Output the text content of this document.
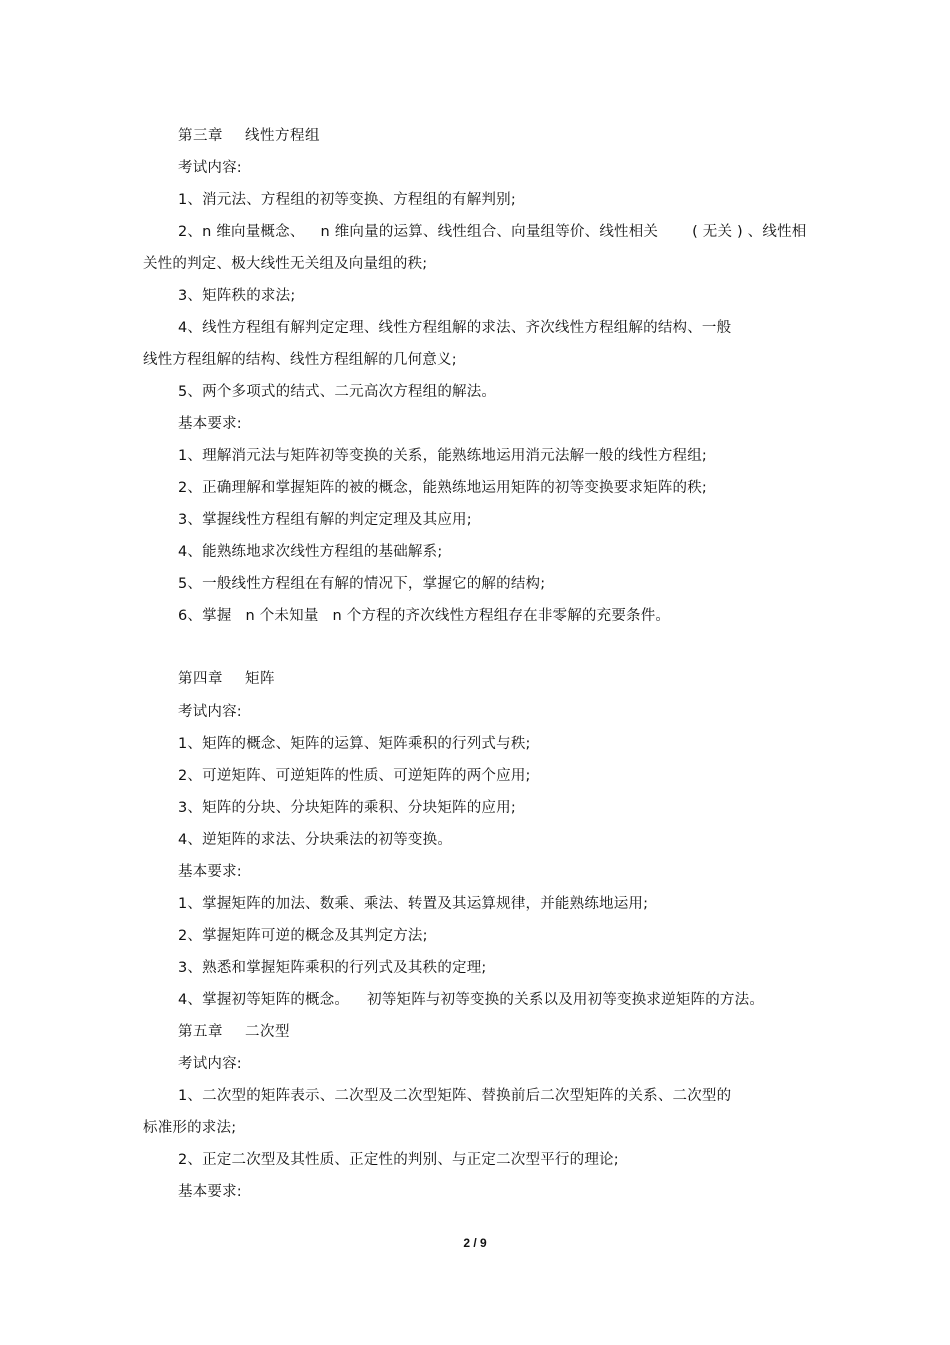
第三章 线性方程组
考试内容:
1、消元法、方程组的初等变换、方程组的有解判别;
2、n 维向量概念、 n 维向量的运算、线性组合、向量组等价、线性相关 ( 无关 ) 、线性相
关性的判定、极大线性无关组及向量组的秩;
3、矩阵秩的求法;
4、线性方程组有解判定定理、线性方程组解的求法、齐次线性方程组解的结构、一般
线性方程组解的结构、线性方程组解的几何意义;
5、两个多项式的结式、二元高次方程组的解法。
基本要求:
1、理解消元法与矩阵初等变换的关系，能熟练地运用消元法解一般的线性方程组;
2、正确理解和掌握矩阵的被的概念，能熟练地运用矩阵的初等变换要求矩阵的秩;
3、掌握线性方程组有解的判定定理及其应用;
4、能熟练地求次线性方程组的基础解系;
5、一般线性方程组在有解的情况下，掌握它的解的结构;
6、掌握 n 个未知量 n 个方程的齐次线性方程组存在非零解的充要条件。
第四章 矩阵
考试内容:
1、矩阵的概念、矩阵的运算、矩阵乘积的行列式与秩;
2、可逆矩阵、可逆矩阵的性质、可逆矩阵的两个应用;
3、矩阵的分块、分块矩阵的乘积、分块矩阵的应用;
4、逆矩阵的求法、分块乘法的初等变换。
基本要求:
1、掌握矩阵的加法、数乘、乘法、转置及其运算规律，并能熟练地运用;
2、掌握矩阵可逆的概念及其判定方法;
3、熟悉和掌握矩阵乘积的行列式及其秩的定理;
4、掌握初等矩阵的概念。 初等矩阵与初等变换的关系以及用初等变换求逆矩阵的方法。
第五章 二次型
考试内容:
1、二次型的矩阵表示、二次型及二次型矩阵、替换前后二次型矩阵的关系、二次型的
标准形的求法;
2、正定二次型及其性质、正定性的判别、与正定二次型平行的理论;
基本要求:
2 / 9
